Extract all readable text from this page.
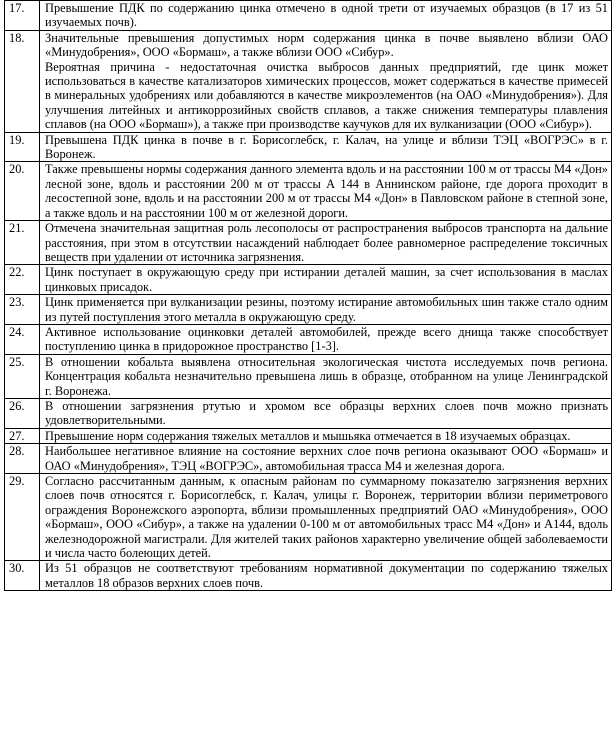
17.	Превышение ПДК по содержанию цинка отмечено в одной трети от изучаемых образцов (в 17 из 51 изучаемых почв).

18.	Значительные превышения допустимых норм содержания цинка в почве выявлено вблизи ОАО «Минудобрения», ООО «Бормаш», а также вблизи ООО «Сибур».

Вероятная причина - недостаточная очистка выбросов данных предприятий, где цинк может использоваться в качестве катализаторов химических процессов, может содержаться в качестве примесей в минеральных удобрениях или добавляются в качестве микроэлементов (на ОАО «Минудобрения»). Для улучшения литейных и антикоррозийных свойств сплавов, а также снижения температуры плавления сплавов (на ООО «Бормаш»), а также при производстве каучуков для их вулканизации (ООО «Сибур»).

19.	Превышена ПДК цинка в почве в г. Борисоглебск, г. Калач, на улице и вблизи ТЭЦ «ВОГРЭС» в г. Воронеж.

20.	Также превышены нормы содержания данного элемента вдоль и на расстоянии 100 м от трассы М4 «Дон» лесной зоне, вдоль и расстоянии 200 м от трассы А 144 в Аннинском районе, где дорога проходит в лесостепной зоне, вдоль и на расстоянии 200 м от трассы М4 «Дон» в Павловском районе в степной зоне, а также вдоль и на расстоянии 100 м от железной дороги.

21.	Отмечена значительная защитная роль лесополосы от распространения выбросов транспорта на дальние расстояния, при этом в отсутствии насаждений наблюдает более равномерное распределение токсичных веществ при удалении от источника загрязнения.

22.	Цинк поступает в окружающую среду при истирании деталей машин, за счет использования в маслах цинковых присадок.

23.	Цинк применяется при вулканизации резины, поэтому истирание автомобильных шин также стало одним из путей поступления этого металла в окружающую среду.

24.	Активное использование оцинковки деталей автомобилей, прежде всего днища также способствует поступлению цинка в придорожное пространство [1-3].

25.	В отношении кобальта выявлена относительная экологическая чистота исследуемых почв региона. Концентрация кобальта незначительно превышена лишь в образце, отобранном на улице Ленинградской г. Воронежа.

26.	В отношении загрязнения ртутью и хромом все образцы верхних слоев почв можно признать удовлетворительными.

27.	Превышение норм содержания тяжелых металлов и мышьяка отмечается в 18 изучаемых образцах.

28.	Наибольшее негативное влияние на состояние верхних слое почв региона оказывают ООО «Бормаш» и ОАО «Минудобрения», ТЭЦ «ВОГРЭС», автомобильная трасса М4 и железная дорога.

29.	Согласно рассчитанным данным, к опасным районам по суммарному показателю загрязнения верхних слоев почв относятся г. Борисоглебск, г. Калач, улицы г. Воронеж, территории вблизи периметрового ограждения Воронежского аэропорта, вблизи промышленных предприятий ОАО «Минудобрения», ООО «Бормаш», ООО «Сибур», а также на удалении 0-100 м от автомобильных трасс М4 «Дон» и А144, вдоль железнодорожной магистрали. Для жителей таких районов характерно увеличение общей заболеваемости и числа часто болеющих детей.

30.	Из 51 образцов не соответствуют требованиям нормативной документации по содержанию тяжелых металлов 18 образов верхних слоев почв.
